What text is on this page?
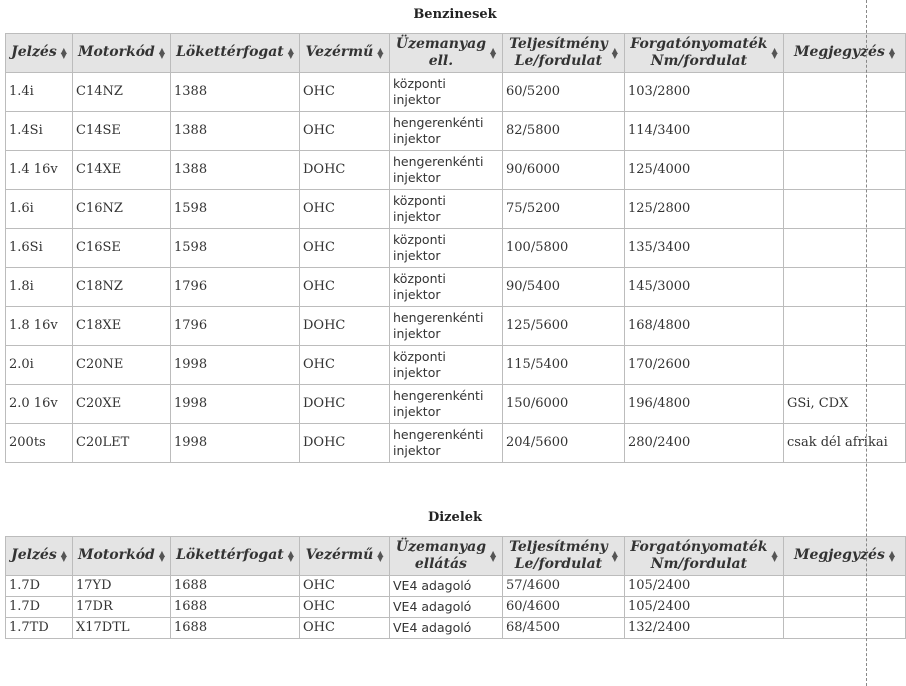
Benzinesek
Jelzés ▲
▼	Motorkód ▲
▼	Lökettérfogat ▲
▼	Vezérmű ▲
▼	Üzemanyag
ell.▲
▼	Teljesítmény
Le/fordulat▲
▼	Forgatónyomaték
Nm/fordulat▲
▼	Megjegyzés ▲
▼
1.4i	C14NZ	1388	OHC	központi
injektor	60/5200	103/2800	
1.4Si	C14SE	1388	OHC	hengerenkénti
injektor	82/5800	114/3400	
1.4 16v	C14XE	1388	DOHC	hengerenkénti
injektor	90/6000	125/4000	
1.6i	C16NZ	1598	OHC	központi
injektor	75/5200	125/2800	
1.6Si	C16SE	1598	OHC	központi
injektor	100/5800	135/3400	
1.8i	C18NZ	1796	OHC	központi
injektor	90/5400	145/3000	
1.8 16v	C18XE	1796	DOHC	hengerenkénti
injektor	125/5600	168/4800	
2.0i	C20NE	1998	OHC	központi
injektor	115/5400	170/2600	
2.0 16v	C20XE	1998	DOHC	hengerenkénti
injektor	150/6000	196/4800	GSi, CDX
200ts	C20LET	1998	DOHC	hengerenkénti
injektor	204/5600	280/2400	csak dél afrikai
Dizelek
Jelzés ▲
▼	Motorkód ▲
▼	Lökettérfogat ▲
▼	Vezérmű ▲
▼	Üzemanyag
ellátás▲
▼	Teljesítmény
Le/fordulat▲
▼	Forgatónyomaték
Nm/fordulat▲
▼	Megjegyzés ▲
▼
1.7D	17YD	1688	OHC	VE4 adagoló	57/4600	105/2400	
1.7D	17DR	1688	OHC	VE4 adagoló	60/4600	105/2400	
1.7TD	X17DTL	1688	OHC	VE4 adagoló	68/4500	132/2400	
